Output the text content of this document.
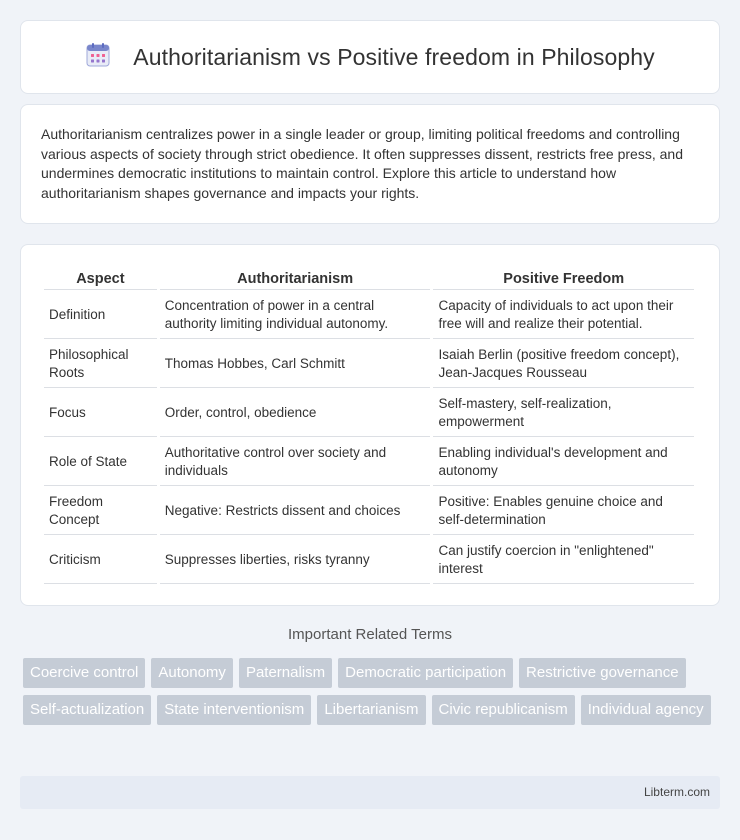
Authoritarianism vs Positive freedom in Philosophy

Authoritarianism centralizes power in a single leader or group, limiting political freedoms and controlling various aspects of society through strict obedience. It often suppresses dissent, restricts free press, and undermines democratic institutions to maintain control. Explore this article to understand how authoritarianism shapes governance and impacts your rights.

Aspect	Authoritarianism	Positive Freedom
Definition	Concentration of power in a central authority limiting individual autonomy.	Capacity of individuals to act upon their free will and realize their potential.
Philosophical Roots	Thomas Hobbes, Carl Schmitt	Isaiah Berlin (positive freedom concept), Jean-Jacques Rousseau
Focus	Order, control, obedience	Self-mastery, self-realization, empowerment
Role of State	Authoritative control over society and individuals	Enabling individual's development and autonomy
Freedom Concept	Negative: Restricts dissent and choices	Positive: Enables genuine choice and self-determination
Criticism	Suppresses liberties, risks tyranny	Can justify coercion in "enlightened" interest
Important Related Terms
Coercive control	Autonomy	Paternalism	Democratic participation	Restrictive governance
Self-actualization	State interventionism	Libertarianism	Civic republicanism	Individual agency
Libterm.com
